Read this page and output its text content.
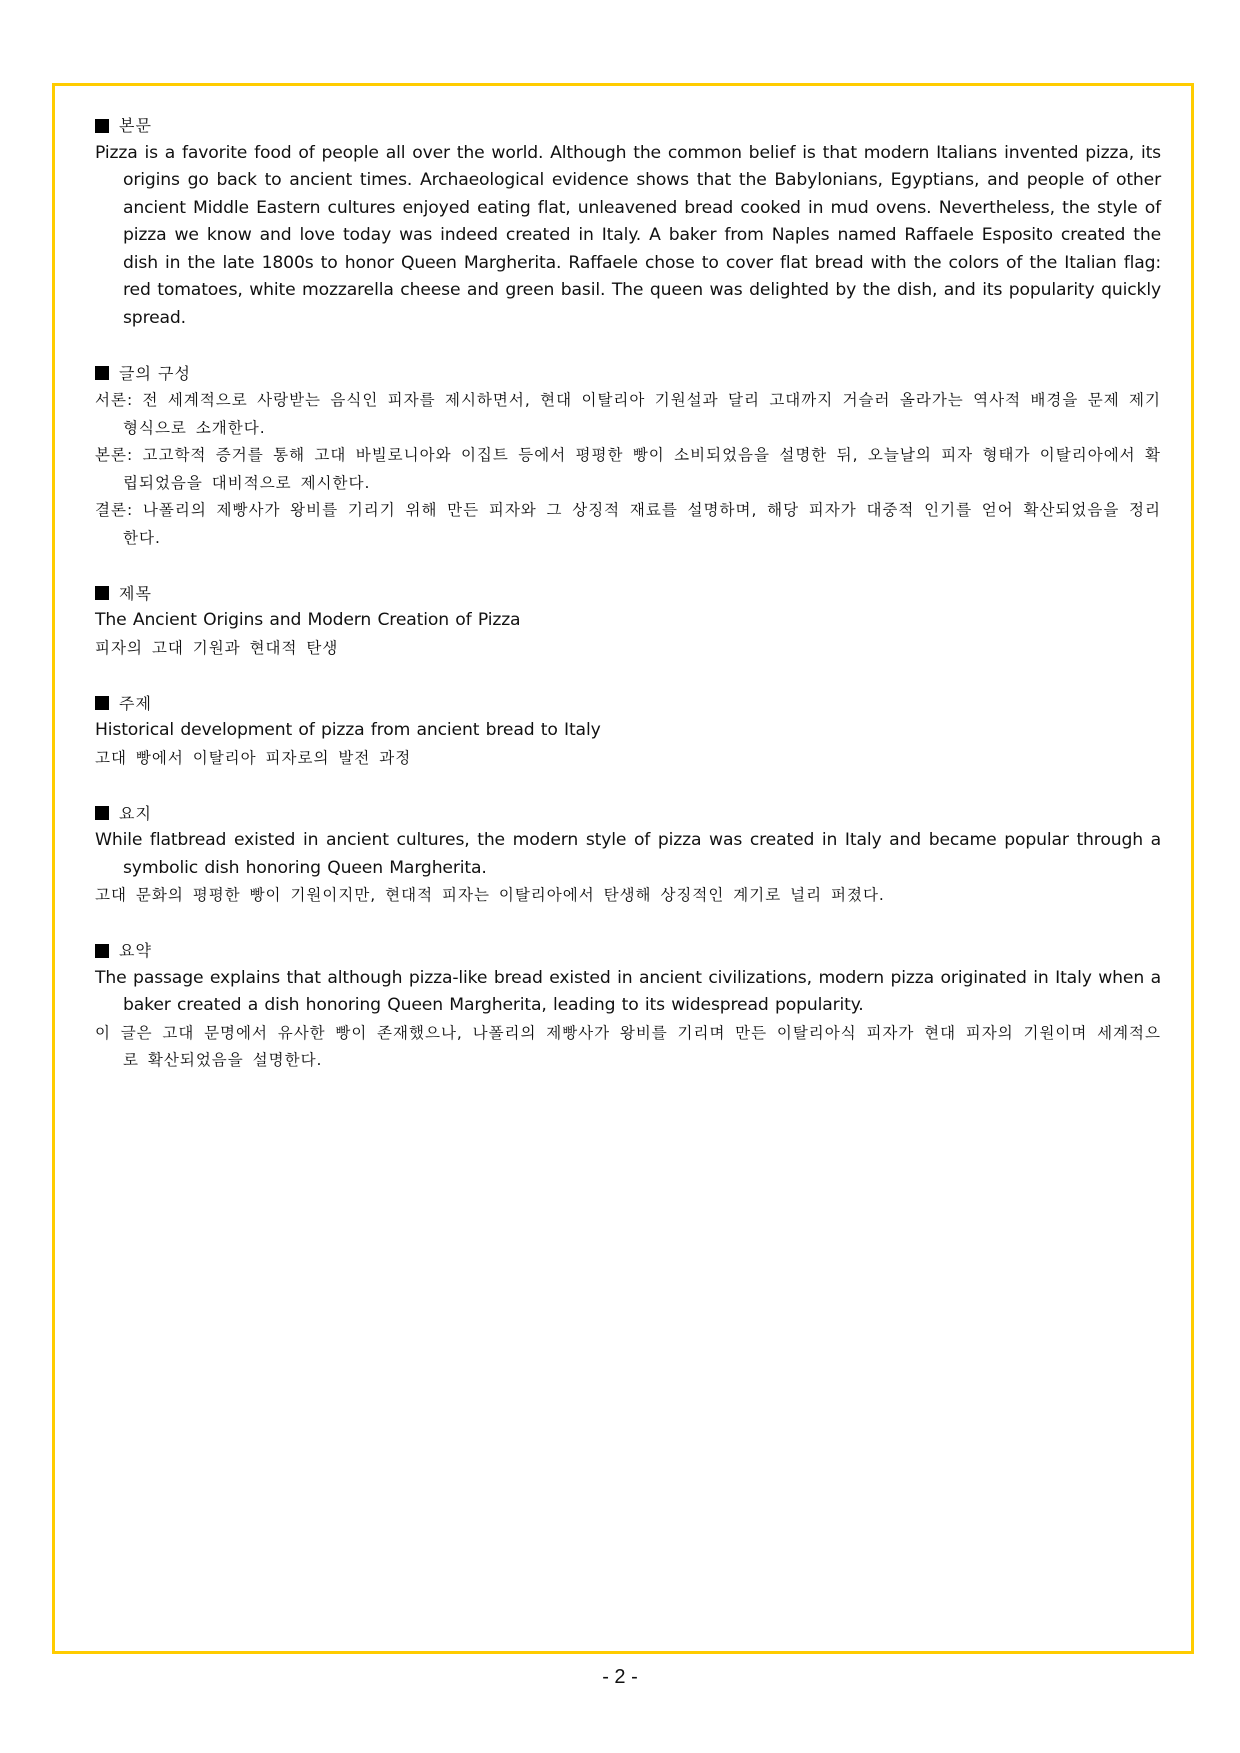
본문

Pizza is a favorite food of people all over the world. Although the common belief is that modern Italians invented pizza, its origins go back to ancient times. Archaeological evidence shows that the Babylonians, Egyptians, and people of other ancient Middle Eastern cultures enjoyed eating flat, unleavened bread cooked in mud ovens. Nevertheless, the style of pizza we know and love today was indeed created in Italy. A baker from Naples named Raffaele Esposito created the dish in the late 1800s to honor Queen Margherita. Raffaele chose to cover flat bread with the colors of the Italian flag: red tomatoes, white mozzarella cheese and green basil. The queen was delighted by the dish, and its popularity quickly spread.

글의 구성

서론: 전 세계적으로 사랑받는 음식인 피자를 제시하면서, 현대 이탈리아 기원설과 달리 고대까지 거슬러 올라가는 역사적 배경을 문제 제기 형식으로 소개한다.

본론: 고고학적 증거를 통해 고대 바빌로니아와 이집트 등에서 평평한 빵이 소비되었음을 설명한 뒤, 오늘날의 피자 형태가 이탈리아에서 확립되었음을 대비적으로 제시한다.

결론: 나폴리의 제빵사가 왕비를 기리기 위해 만든 피자와 그 상징적 재료를 설명하며, 해당 피자가 대중적 인기를 얻어 확산되었음을 정리한다.

제목

The Ancient Origins and Modern Creation of Pizza

피자의 고대 기원과 현대적 탄생

주제

Historical development of pizza from ancient bread to Italy

고대 빵에서 이탈리아 피자로의 발전 과정

요지

While flatbread existed in ancient cultures, the modern style of pizza was created in Italy and became popular through a symbolic dish honoring Queen Margherita.

고대 문화의 평평한 빵이 기원이지만, 현대적 피자는 이탈리아에서 탄생해 상징적인 계기로 널리 퍼졌다.

요약

The passage explains that although pizza-like bread existed in ancient civilizations, modern pizza originated in Italy when a baker created a dish honoring Queen Margherita, leading to its widespread popularity.

이 글은 고대 문명에서 유사한 빵이 존재했으나, 나폴리의 제빵사가 왕비를 기리며 만든 이탈리아식 피자가 현대 피자의 기원이며 세계적으로 확산되었음을 설명한다.

- 2 -
